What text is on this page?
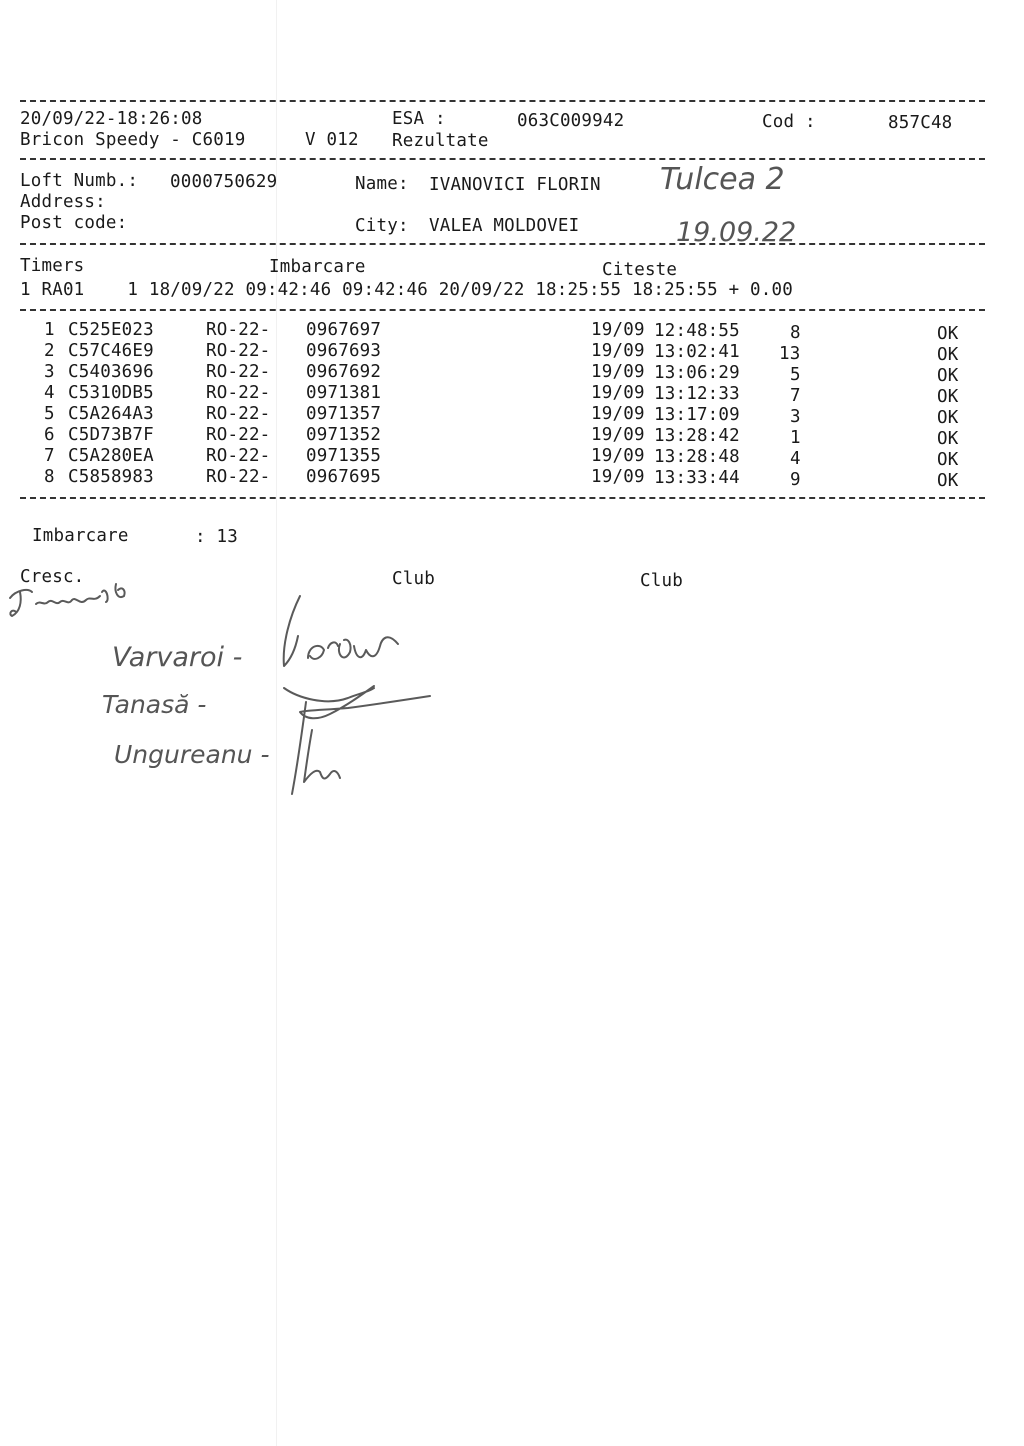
20/09/22-18:26:08	ESA :	063C009942	Cod :	857C48
Bricon Speedy - C6019	V 012 Rezultate
Loft Numb.: 0000750629	Name: IVANOVICI FLORIN
Address:
Post code:	City: VALEA MOLDOVEI
Tulcea 2
19.09.22
Timers	Imbarcare	Citeste
1 RA01    1 18/09/22 09:42:46 09:42:46 20/09/22 18:25:55 18:25:55 + 0.00
1 C525E023	RO-22- 0967697	19/09 12:48:55	8	OK
2 C57C46E9	RO-22- 0967693	19/09 13:02:41 13	OK
3 C5403696	RO-22- 0967692	19/09 13:06:29	5	OK
4 C5310DB5	RO-22- 0971381	19/09 13:12:33	7	OK
5 C5A264A3	RO-22- 0971357	19/09 13:17:09	3	OK
6 C5D73B7F	RO-22- 0971352	19/09 13:28:42	1	OK
7 C5A280EA	RO-22- 0971355	19/09 13:28:48	4	OK
8 C5858983	RO-22- 0967695	19/09 13:33:44	9	OK
Imbarcare	: 13
Cresc.	Club	Club
Varvaroi -
Tanasă -
Ungureanu -
